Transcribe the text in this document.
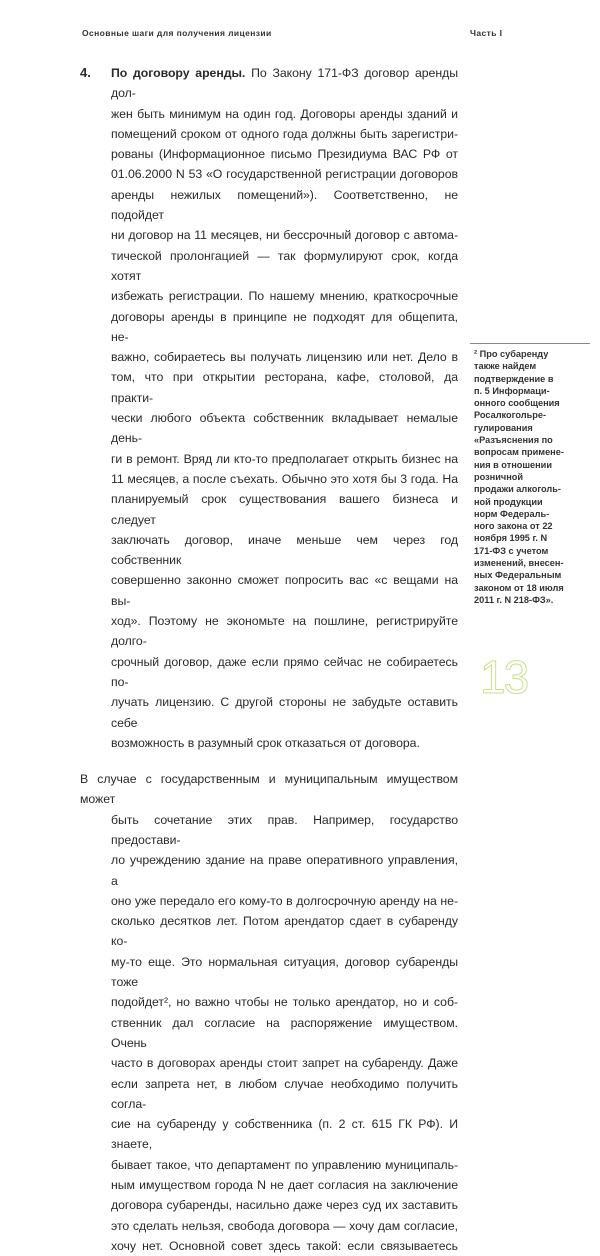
Основные шаги для получения лицензии	Часть I
4. По договору аренды. По Закону 171-ФЗ договор аренды дол-
жен быть минимум на один год. Договоры аренды зданий и
помещений сроком от одного года должны быть зарегистри-
рованы (Информационное письмо Президиума ВАС РФ от
01.06.2000 N 53 «О государственной регистрации договоров
аренды нежилых помещений»). Соответственно, не подойдет
ни договор на 11 месяцев, ни бессрочный договор с автома-
тической пролонгацией — так формулируют срок, когда хотят
избежать регистрации. По нашему мнению, краткосрочные
договоры аренды в принципе не подходят для общепита, не-
важно, собираетесь вы получать лицензию или нет. Дело в
том, что при открытии ресторана, кафе, столовой, да практи-
чески любого объекта собственник вкладывает немалые день-
ги в ремонт. Вряд ли кто-то предполагает открыть бизнес на
11 месяцев, а после съехать. Обычно это хотя бы 3 года. На
планируемый срок существования вашего бизнеса и следует
заключать договор, иначе меньше чем через год собственник
совершенно законно сможет попросить вас «с вещами на вы-
ход». Поэтому не экономьте на пошлине, регистрируйте долго-
срочный договор, даже если прямо сейчас не собираетесь по-
лучать лицензию. С другой стороны не забудьте оставить себе
возможность в разумный срок отказаться от договора.
В случае с государственным и муниципальным имуществом может
быть сочетание этих прав. Например, государство предостави-
ло учреждению здание на праве оперативного управления, а
оно уже передало его кому-то в долгосрочную аренду на не-
сколько десятков лет. Потом арендатор сдает в субаренду ко-
му-то еще. Это нормальная ситуация, договор субаренды тоже
подойдет², но важно чтобы не только арендатор, но и соб-
ственник дал согласие на распоряжение имуществом. Очень
часто в договорах аренды стоит запрет на субаренду. Даже
если запрета нет, в любом случае необходимо получить согла-
сие на субаренду у собственника (п. 2 ст. 615 ГК РФ). И знаете,
бывает такое, что департамент по управлению муниципаль-
ным имуществом города N не дает согласия на заключение
договора субаренды, насильно даже через суд их заставить
это сделать нельзя, свобода договора — хочу дам согласие,
хочу нет. Основной совет здесь такой: если связываетесь
² Про субаренду
также найдем
подтверждение в
п. 5 Информаци-
онного сообщения
Росалкогольре-
гулирования
«Разъяснения по
вопросам примене-
ния в отношении
розничной
продажи алкоголь-
ной продукции
норм Федераль-
ного закона от 22
ноября 1995 г. N
171-ФЗ с учетом
изменений, внесен-
ных Федеральным
законом от 18 июля
2011 г. N 218-ФЗ».
13
